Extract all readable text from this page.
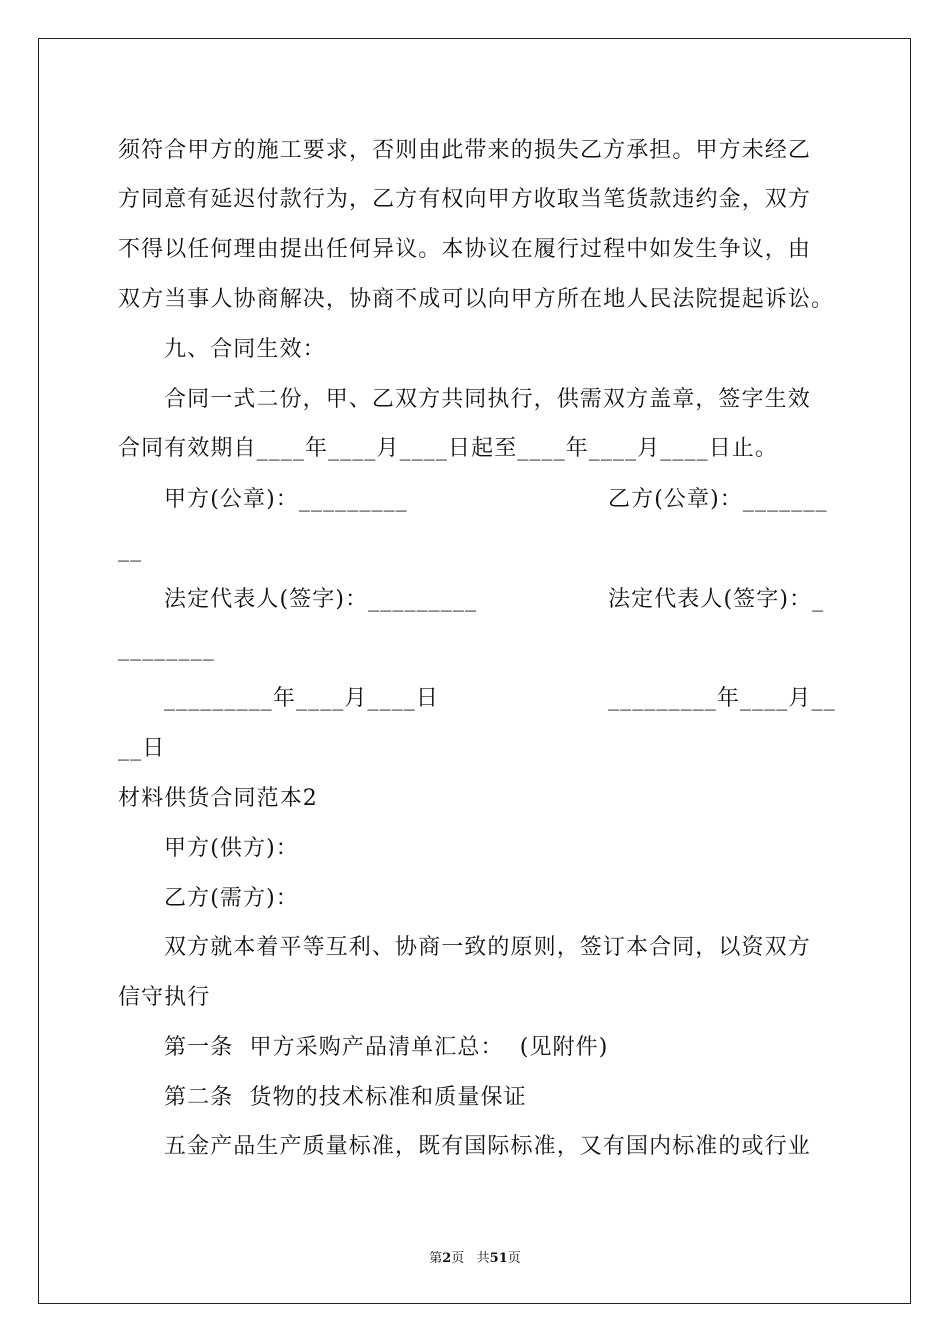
须符合甲方的施工要求，否则由此带来的损失乙方承担。甲方未经乙
方同意有延迟付款行为，乙方有权向甲方收取当笔货款违约金，双方
不得以任何理由提出任何异议。本协议在履行过程中如发生争议，由
双方当事人协商解决，协商不成可以向甲方所在地人民法院提起诉讼。
九、合同生效：
合同一式二份，甲、乙双方共同执行，供需双方盖章，签字生效
合同有效期自____年____月____日起至____年____月____日止。
甲方(公章)：_________	乙方(公章)：_______
__
法定代表人(签字)：_________	法定代表人(签字)：_
________
_________年____月____日	_________年____月__
__日
材料供货合同范本2
甲方(供方)：
乙方(需方)：
双方就本着平等互利、协商一致的原则，签订本合同，以资双方
信守执行
第一条  甲方采购产品清单汇总：  (见附件)
第二条  货物的技术标准和质量保证
五金产品生产质量标准，既有国际标准，又有国内标准的或行业
第2页   共51页
